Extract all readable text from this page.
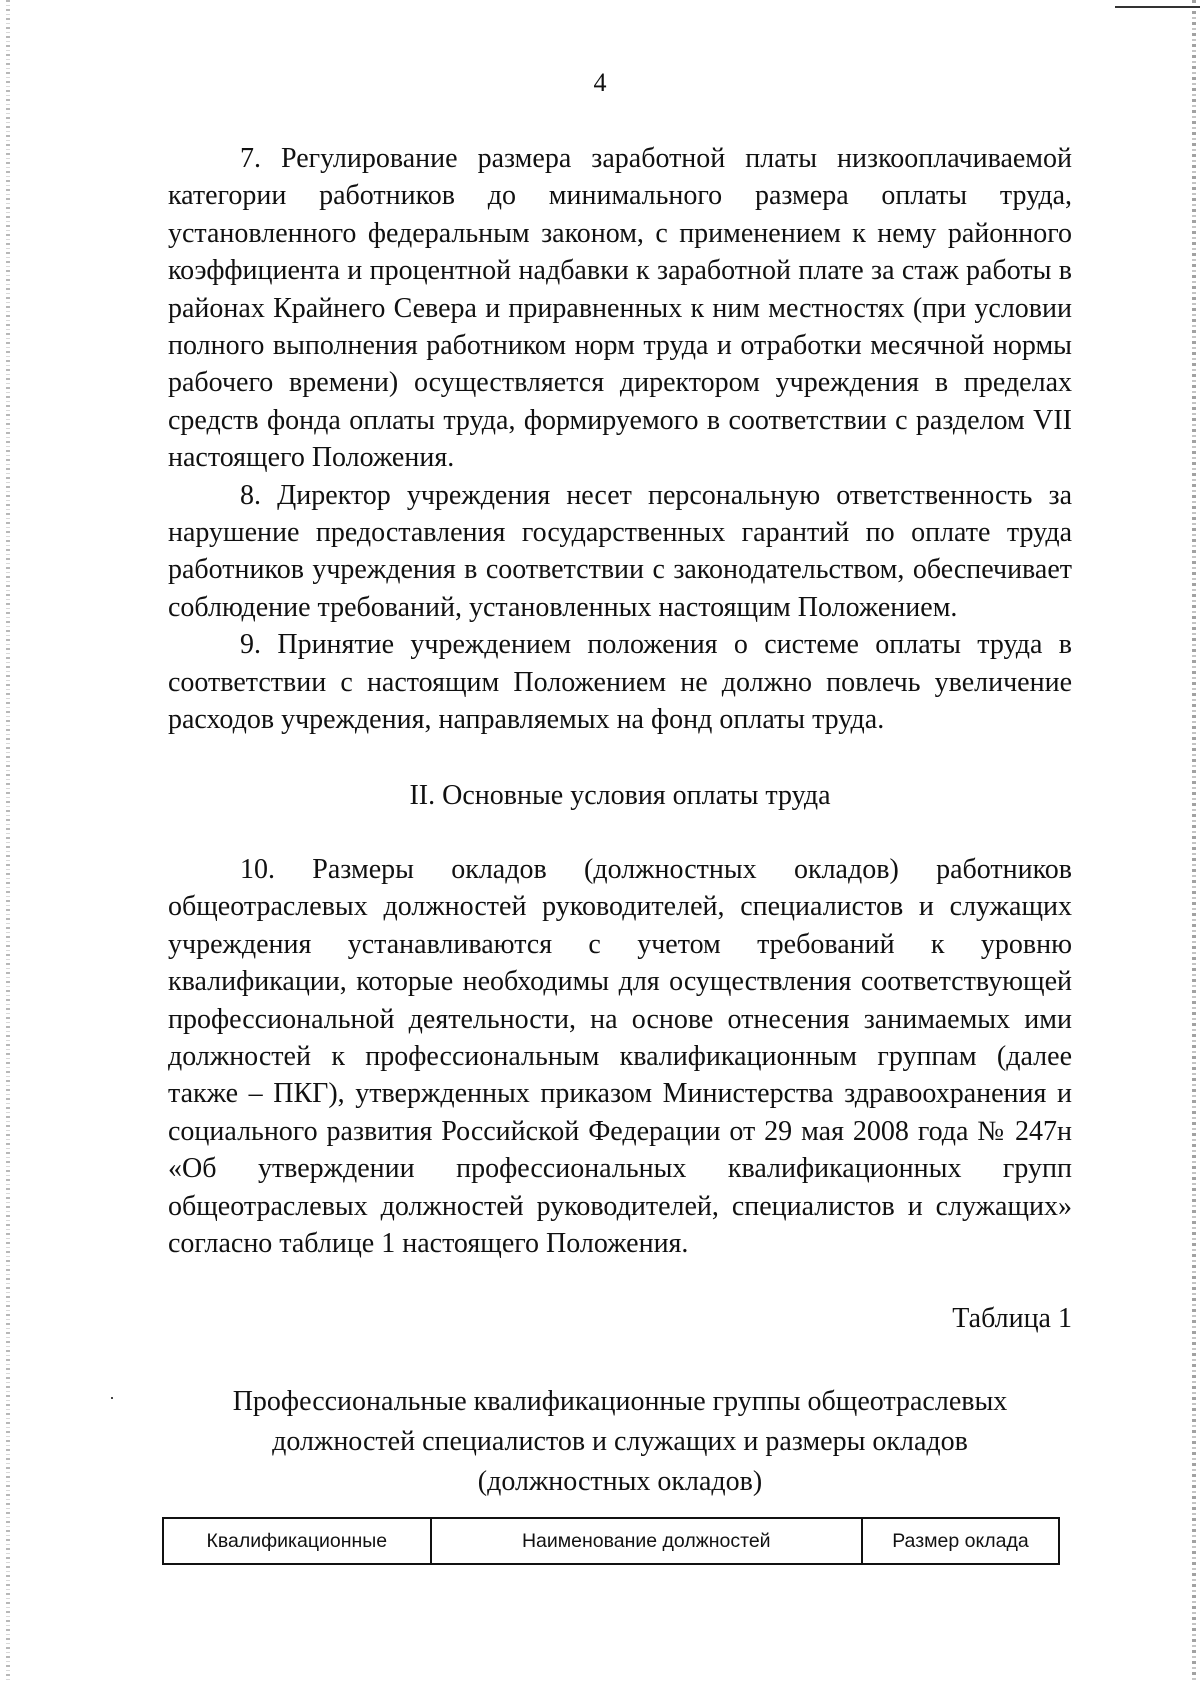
4

7. Регулирование размера заработной платы низкооплачиваемой категории работников до минимального размера оплаты труда, установленного федеральным законом, с применением к нему районного коэффициента и процентной надбавки к заработной плате за стаж работы в районах Крайнего Севера и приравненных к ним местностях (при условии полного выполнения работником норм труда и отработки месячной нормы рабочего времени) осуществляется директором учреждения в пределах средств фонда оплаты труда, формируемого в соответствии с разделом VII настоящего Положения.

8. Директор учреждения несет персональную ответственность за нарушение предоставления государственных гарантий по оплате труда работников учреждения в соответствии с законодательством, обеспечивает соблюдение требований, установленных настоящим Положением.

9. Принятие учреждением положения о системе оплаты труда в соответствии с настоящим Положением не должно повлечь увеличение расходов учреждения, направляемых на фонд оплаты труда.

II. Основные условия оплаты труда

10. Размеры окладов (должностных окладов) работников общеотраслевых должностей руководителей, специалистов и служащих учреждения устанавливаются с учетом требований к уровню квалификации, которые необходимы для осуществления соответствующей профессиональной деятельности, на основе отнесения занимаемых ими должностей к профессиональным квалификационным группам (далее также – ПКГ), утвержденных приказом Министерства здравоохранения и социального развития Российской Федерации от 29 мая 2008 года № 247н «Об утверждении профессиональных квалификационных групп общеотраслевых должностей руководителей, специалистов и служащих» согласно таблице 1 настоящего Положения.

Таблица 1
Профессиональные квалификационные группы общеотраслевых
должностей специалистов и служащих и размеры окладов
(должностных окладов)
Квалификационные	Наименование должностей	Размер оклада
